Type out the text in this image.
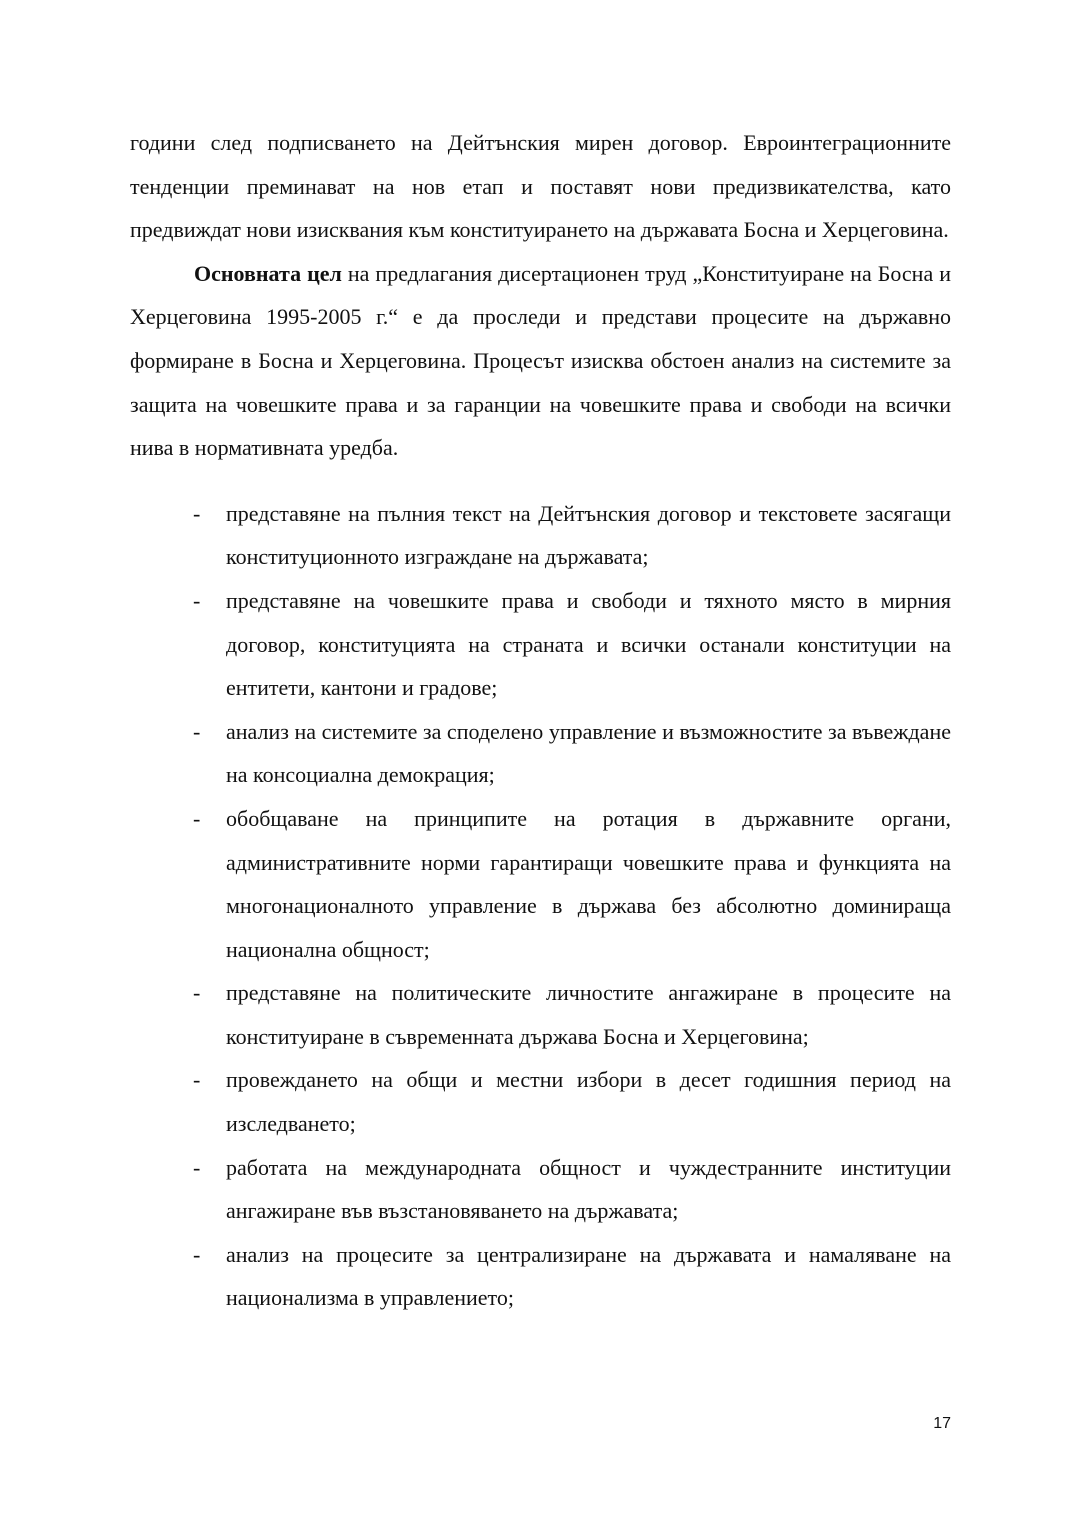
години след подписването на Дейтънския мирен договор. Евроинтеграционните тенденции преминават на нов етап и поставят нови предизвикателства, като предвиждат нови изисквания към конституирането на държавата Босна и Херцеговина.

Основната цел на предлагания дисертационен труд „Конституиране на Босна и Херцеговина 1995-2005 г.“ е да проследи и представи процесите на държавно формиране в Босна и Херцеговина. Процесът изисква обстоен анализ на системите за защита на човешките права и за гаранции на човешките права и свободи на всички нива в нормативната уредба.

- представяне на пълния текст на Дейтънския договор и текстовете засягащи конституционното изграждане на държавата;
- представяне на човешките права и свободи и тяхното място в мирния договор, конституцията на страната и всички останали конституции на ентитети, кантони и градове;
- анализ на системите за споделено управление и възможностите за въвеждане на консоциална демокрация;
- обобщаване на принципите на ротация в държавните органи, административните норми гарантиращи човешките права и функцията на многонационалното управление в държава без абсолютно доминираща национална общност;
- представяне на политическите личностите ангажиране в процесите на конституиране в съвременната държава Босна и Херцеговина;
- провеждането на общи и местни избори в десет годишния период на изследването;
- работата на международната общност и чуждестранните институции ангажиране във възстановяването на държавата;
- анализ на процесите за централизиране на държавата и намаляване на национализма в управлението;
17
